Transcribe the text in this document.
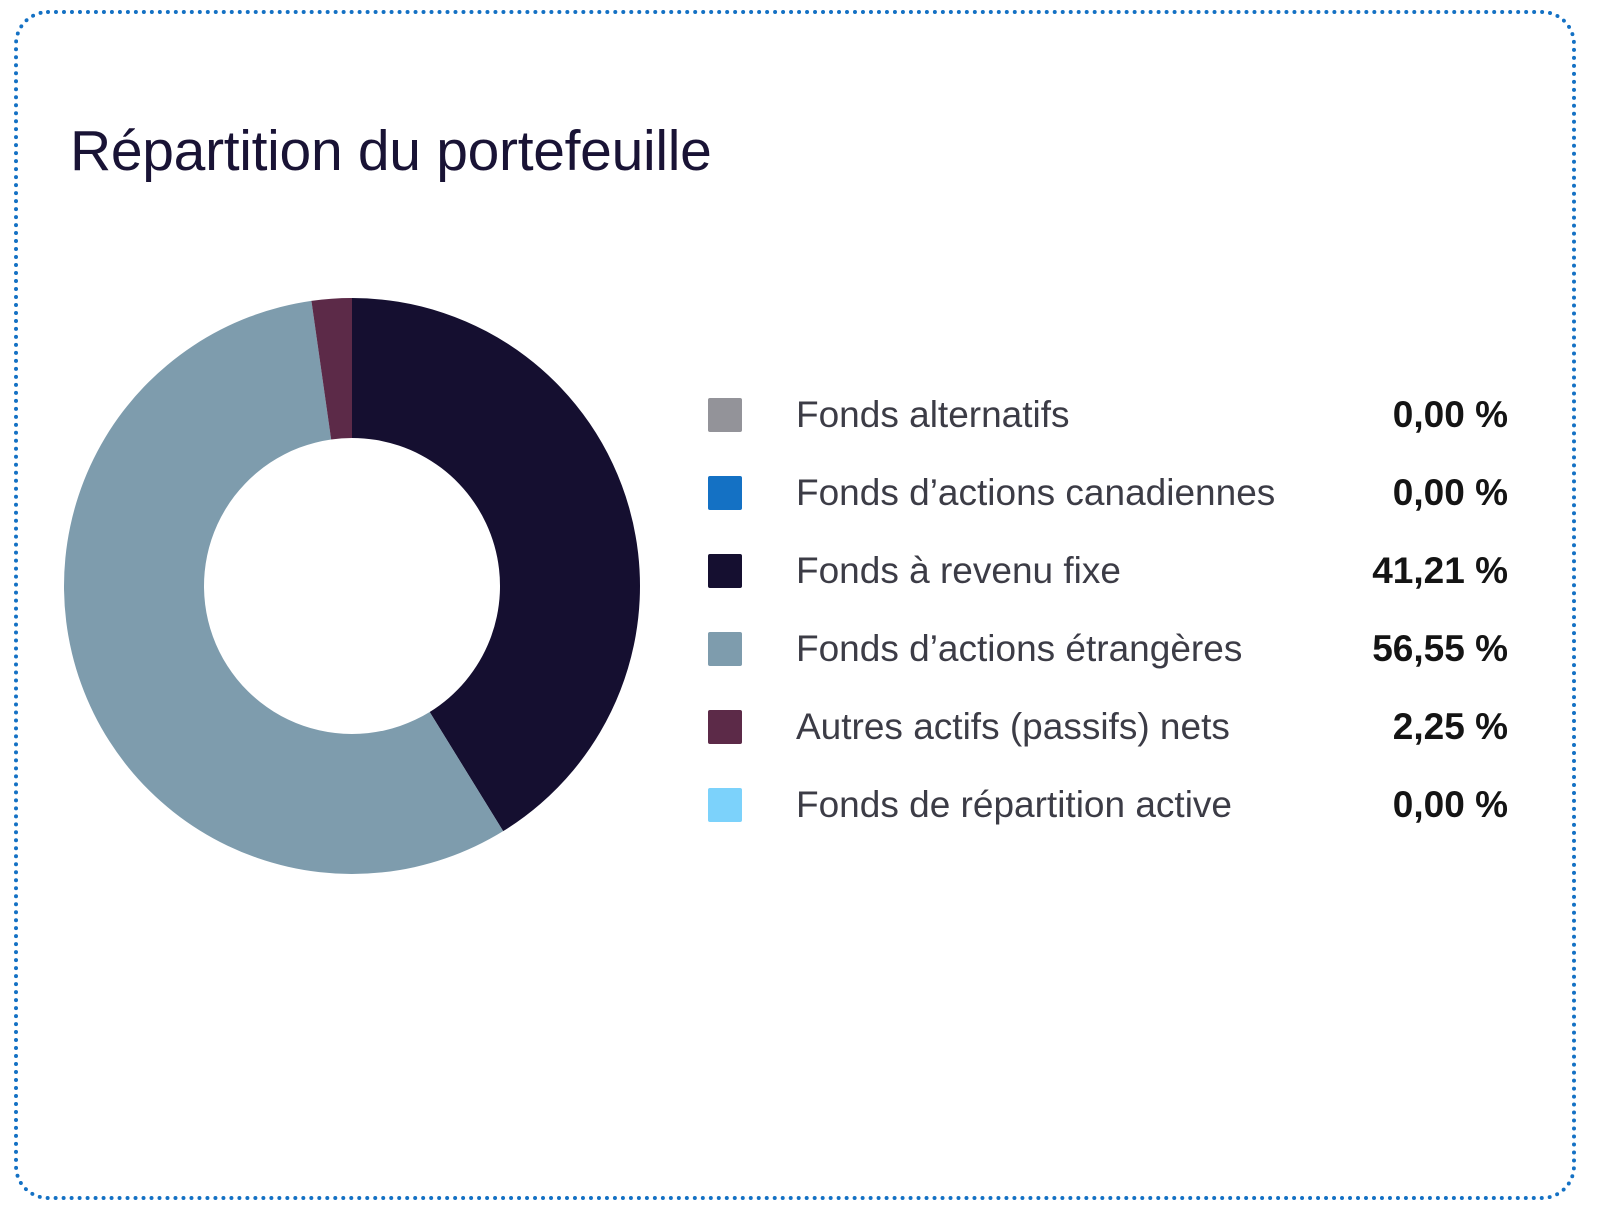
Répartition du portefeuille
Fonds alternatifs	0,00 %
Fonds d’actions canadiennes	0,00 %
Fonds à revenu fixe	41,21 %
Fonds d’actions étrangères	56,55 %
Autres actifs (passifs) nets	2,25 %
Fonds de répartition active	0,00 %
